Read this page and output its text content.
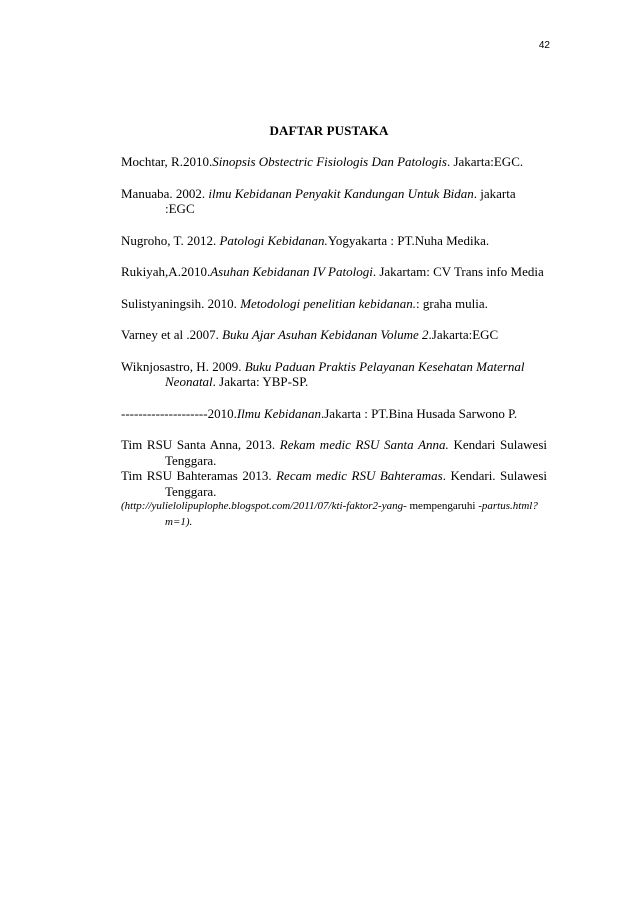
42
DAFTAR PUSTAKA

Mochtar, R.2010.Sinopsis Obstectric Fisiologis Dan Patologis. Jakarta:EGC.

Manuaba. 2002. ilmu Kebidanan Penyakit Kandungan Untuk Bidan. jakarta :EGC

Nugroho, T. 2012. Patologi Kebidanan.Yogyakarta : PT.Nuha Medika.

Rukiyah,A.2010.Asuhan Kebidanan IV Patologi. Jakartam: CV Trans info Media

Sulistyaningsih. 2010. Metodologi penelitian kebidanan.: graha mulia.

Varney et al .2007. Buku Ajar Asuhan Kebidanan Volume 2.Jakarta:EGC

Wiknjosastro, H. 2009. Buku Paduan Praktis Pelayanan Kesehatan Maternal Neonatal. Jakarta: YBP-SP.

--------------------2010.Ilmu Kebidanan.Jakarta : PT.Bina Husada Sarwono P.

Tim RSU Santa Anna, 2013. Rekam medic RSU Santa Anna. Kendari Sulawesi Tenggara.

Tim RSU Bahteramas 2013. Recam medic RSU Bahteramas. Kendari. Sulawesi Tenggara.

(http://yulielolipuplophe.blogspot.com/2011/07/kti-faktor2-yang- mempengaruhi -partus.html?m=1).
